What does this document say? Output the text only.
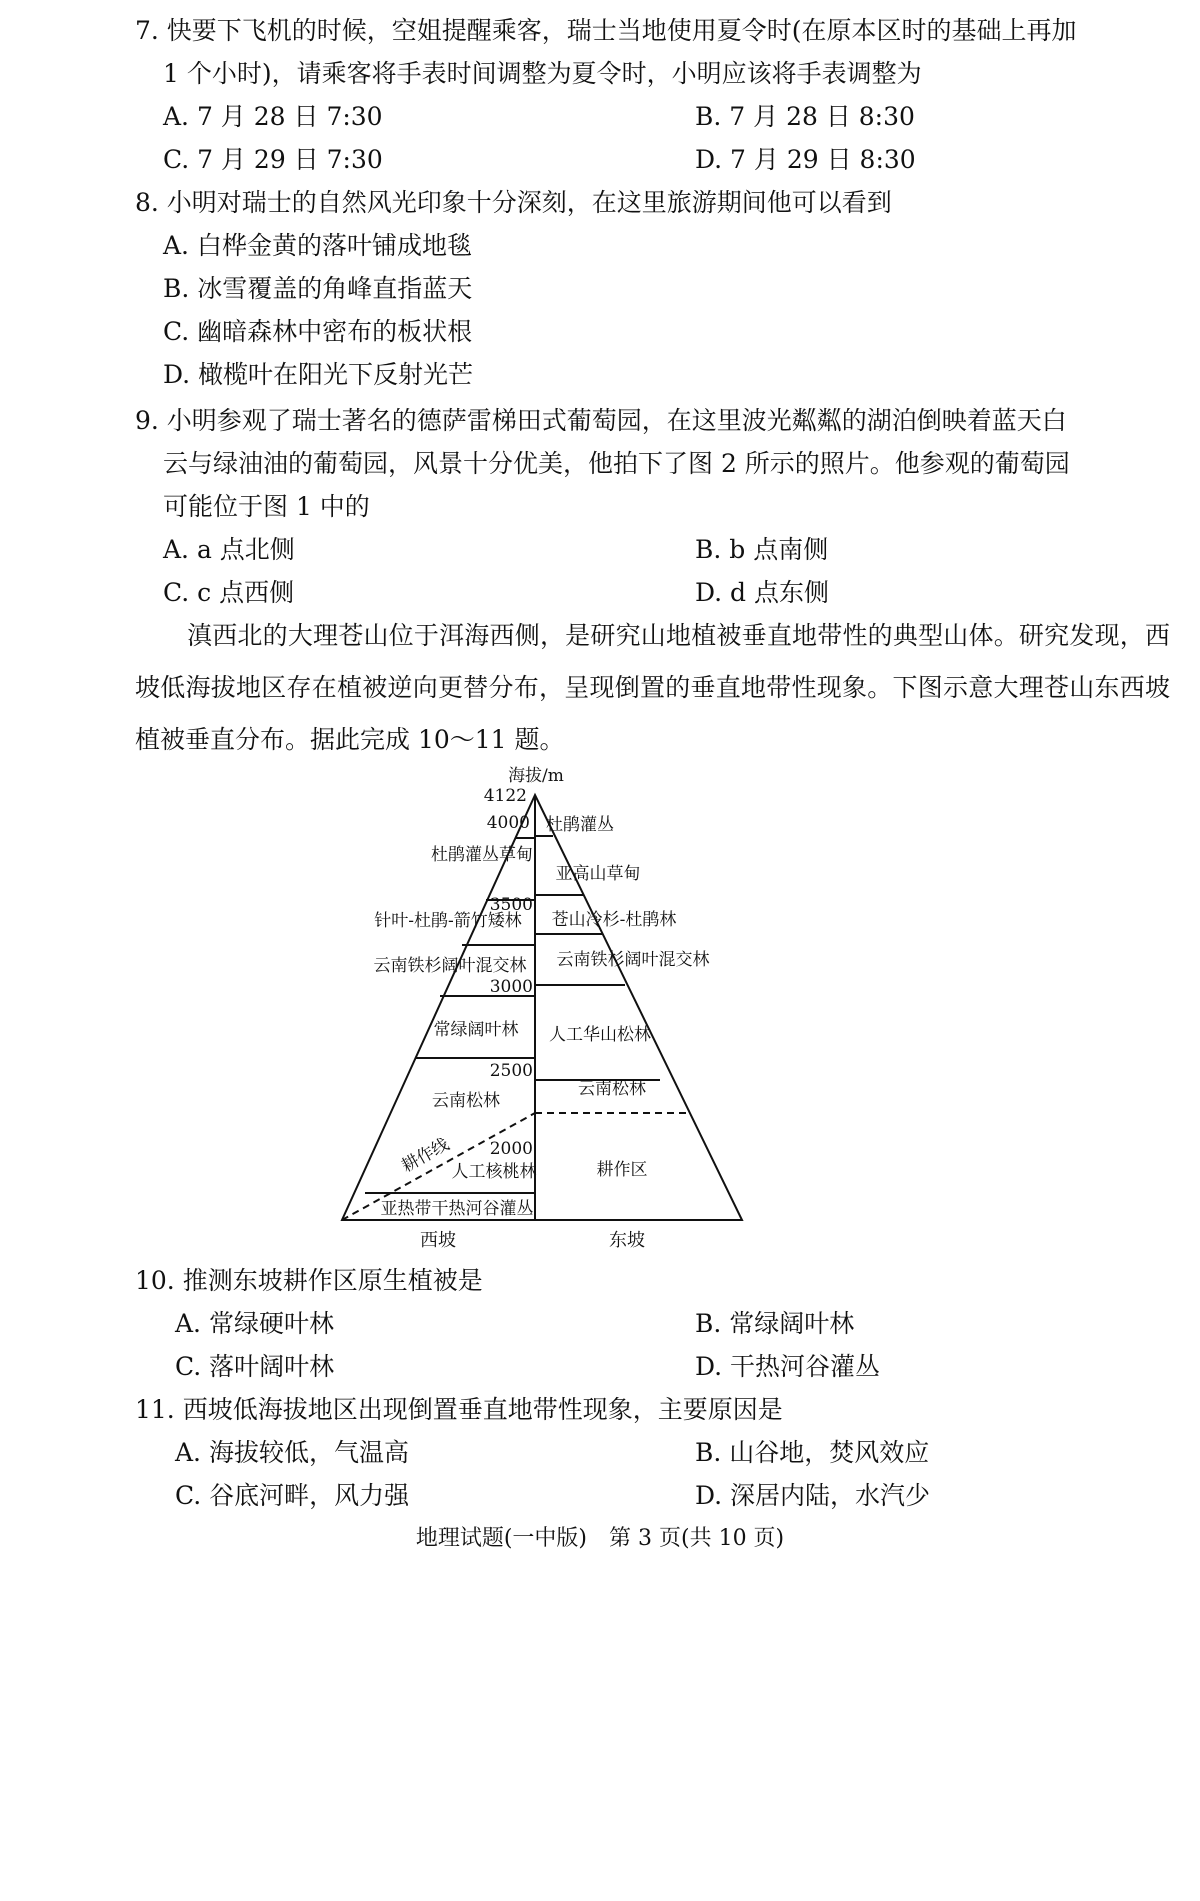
7. 快要下飞机的时候，空姐提醒乘客，瑞士当地使用夏令时(在原本区时的基础上再加
1 个小时)，请乘客将手表时间调整为夏令时，小明应该将手表调整为
A. 7 月 28 日 7:30	B. 7 月 28 日 8:30
C. 7 月 29 日 7:30	D. 7 月 29 日 8:30
8. 小明对瑞士的自然风光印象十分深刻，在这里旅游期间他可以看到
A. 白桦金黄的落叶铺成地毯
B. 冰雪覆盖的角峰直指蓝天
C. 幽暗森林中密布的板状根
D. 橄榄叶在阳光下反射光芒
9. 小明参观了瑞士著名的德萨雷梯田式葡萄园，在这里波光粼粼的湖泊倒映着蓝天白
云与绿油油的葡萄园，风景十分优美，他拍下了图 2 所示的照片。他参观的葡萄园
可能位于图 1 中的
A. a 点北侧	B. b 点南侧
C. c 点西侧	D. d 点东侧
滇西北的大理苍山位于洱海西侧，是研究山地植被垂直地带性的典型山体。研究发现，西坡低海拔地区存在植被逆向更替分布，呈现倒置的垂直地带性现象。下图示意大理苍山东西坡植被垂直分布。据此完成 10～11 题。
海拔/m
4122
4000
3500
3000
2500
2000
杜鹃灌丛草甸
针叶-杜鹃-箭竹矮林
云南铁杉阔叶混交林
常绿阔叶林
云南松林
人工核桃林
亚热带干热河谷灌丛
耕作线
杜鹃灌丛
亚高山草甸
苍山冷杉-杜鹃林
云南铁杉阔叶混交林
人工华山松林
云南松林
耕作区
西坡	东坡
10. 推测东坡耕作区原生植被是
A. 常绿硬叶林	B. 常绿阔叶林
C. 落叶阔叶林	D. 干热河谷灌丛
11. 西坡低海拔地区出现倒置垂直地带性现象，主要原因是
A. 海拔较低，气温高	B. 山谷地，焚风效应
C. 谷底河畔，风力强	D. 深居内陆，水汽少
地理试题(一中版)　第 3 页(共 10 页)
